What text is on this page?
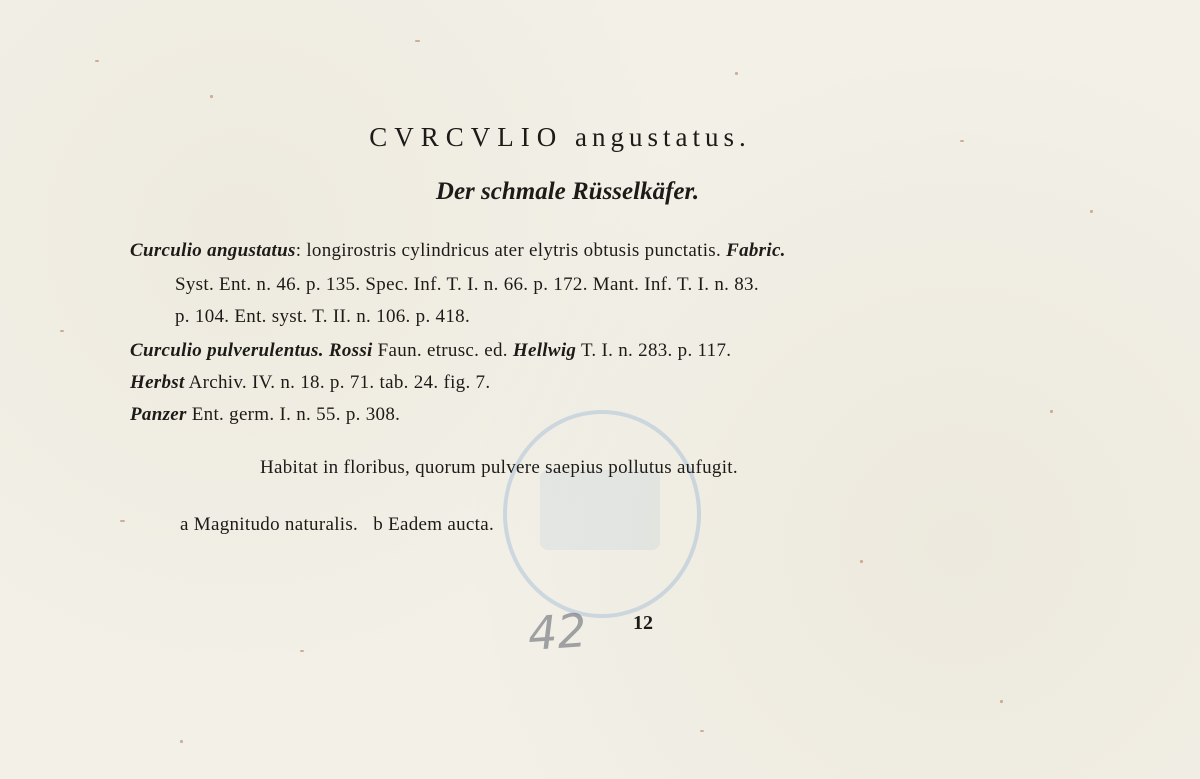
CVRCVLIO angustatus.
Der schmale Rüsselkäfer.
Curculio angustatus: longirostris cylindricus ater elytris obtusis punctatis. Fabric.
Syst. Ent. n. 46. p. 135. Spec. Inf. T. I. n. 66. p. 172. Mant. Inf. T. I. n. 83.
p. 104. Ent. syst. T. II. n. 106. p. 418.
Curculio pulverulentus. Rossi Faun. etrusc. ed. Hellwig T. I. n. 283. p. 117.
Herbst Archiv. IV. n. 18. p. 71. tab. 24. fig. 7.
Panzer Ent. germ. I. n. 55. p. 308.
Habitat in floribus, quorum pulvere saepius pollutus aufugit.
a Magnitudo naturalis.   b Eadem aucta.
42 12
